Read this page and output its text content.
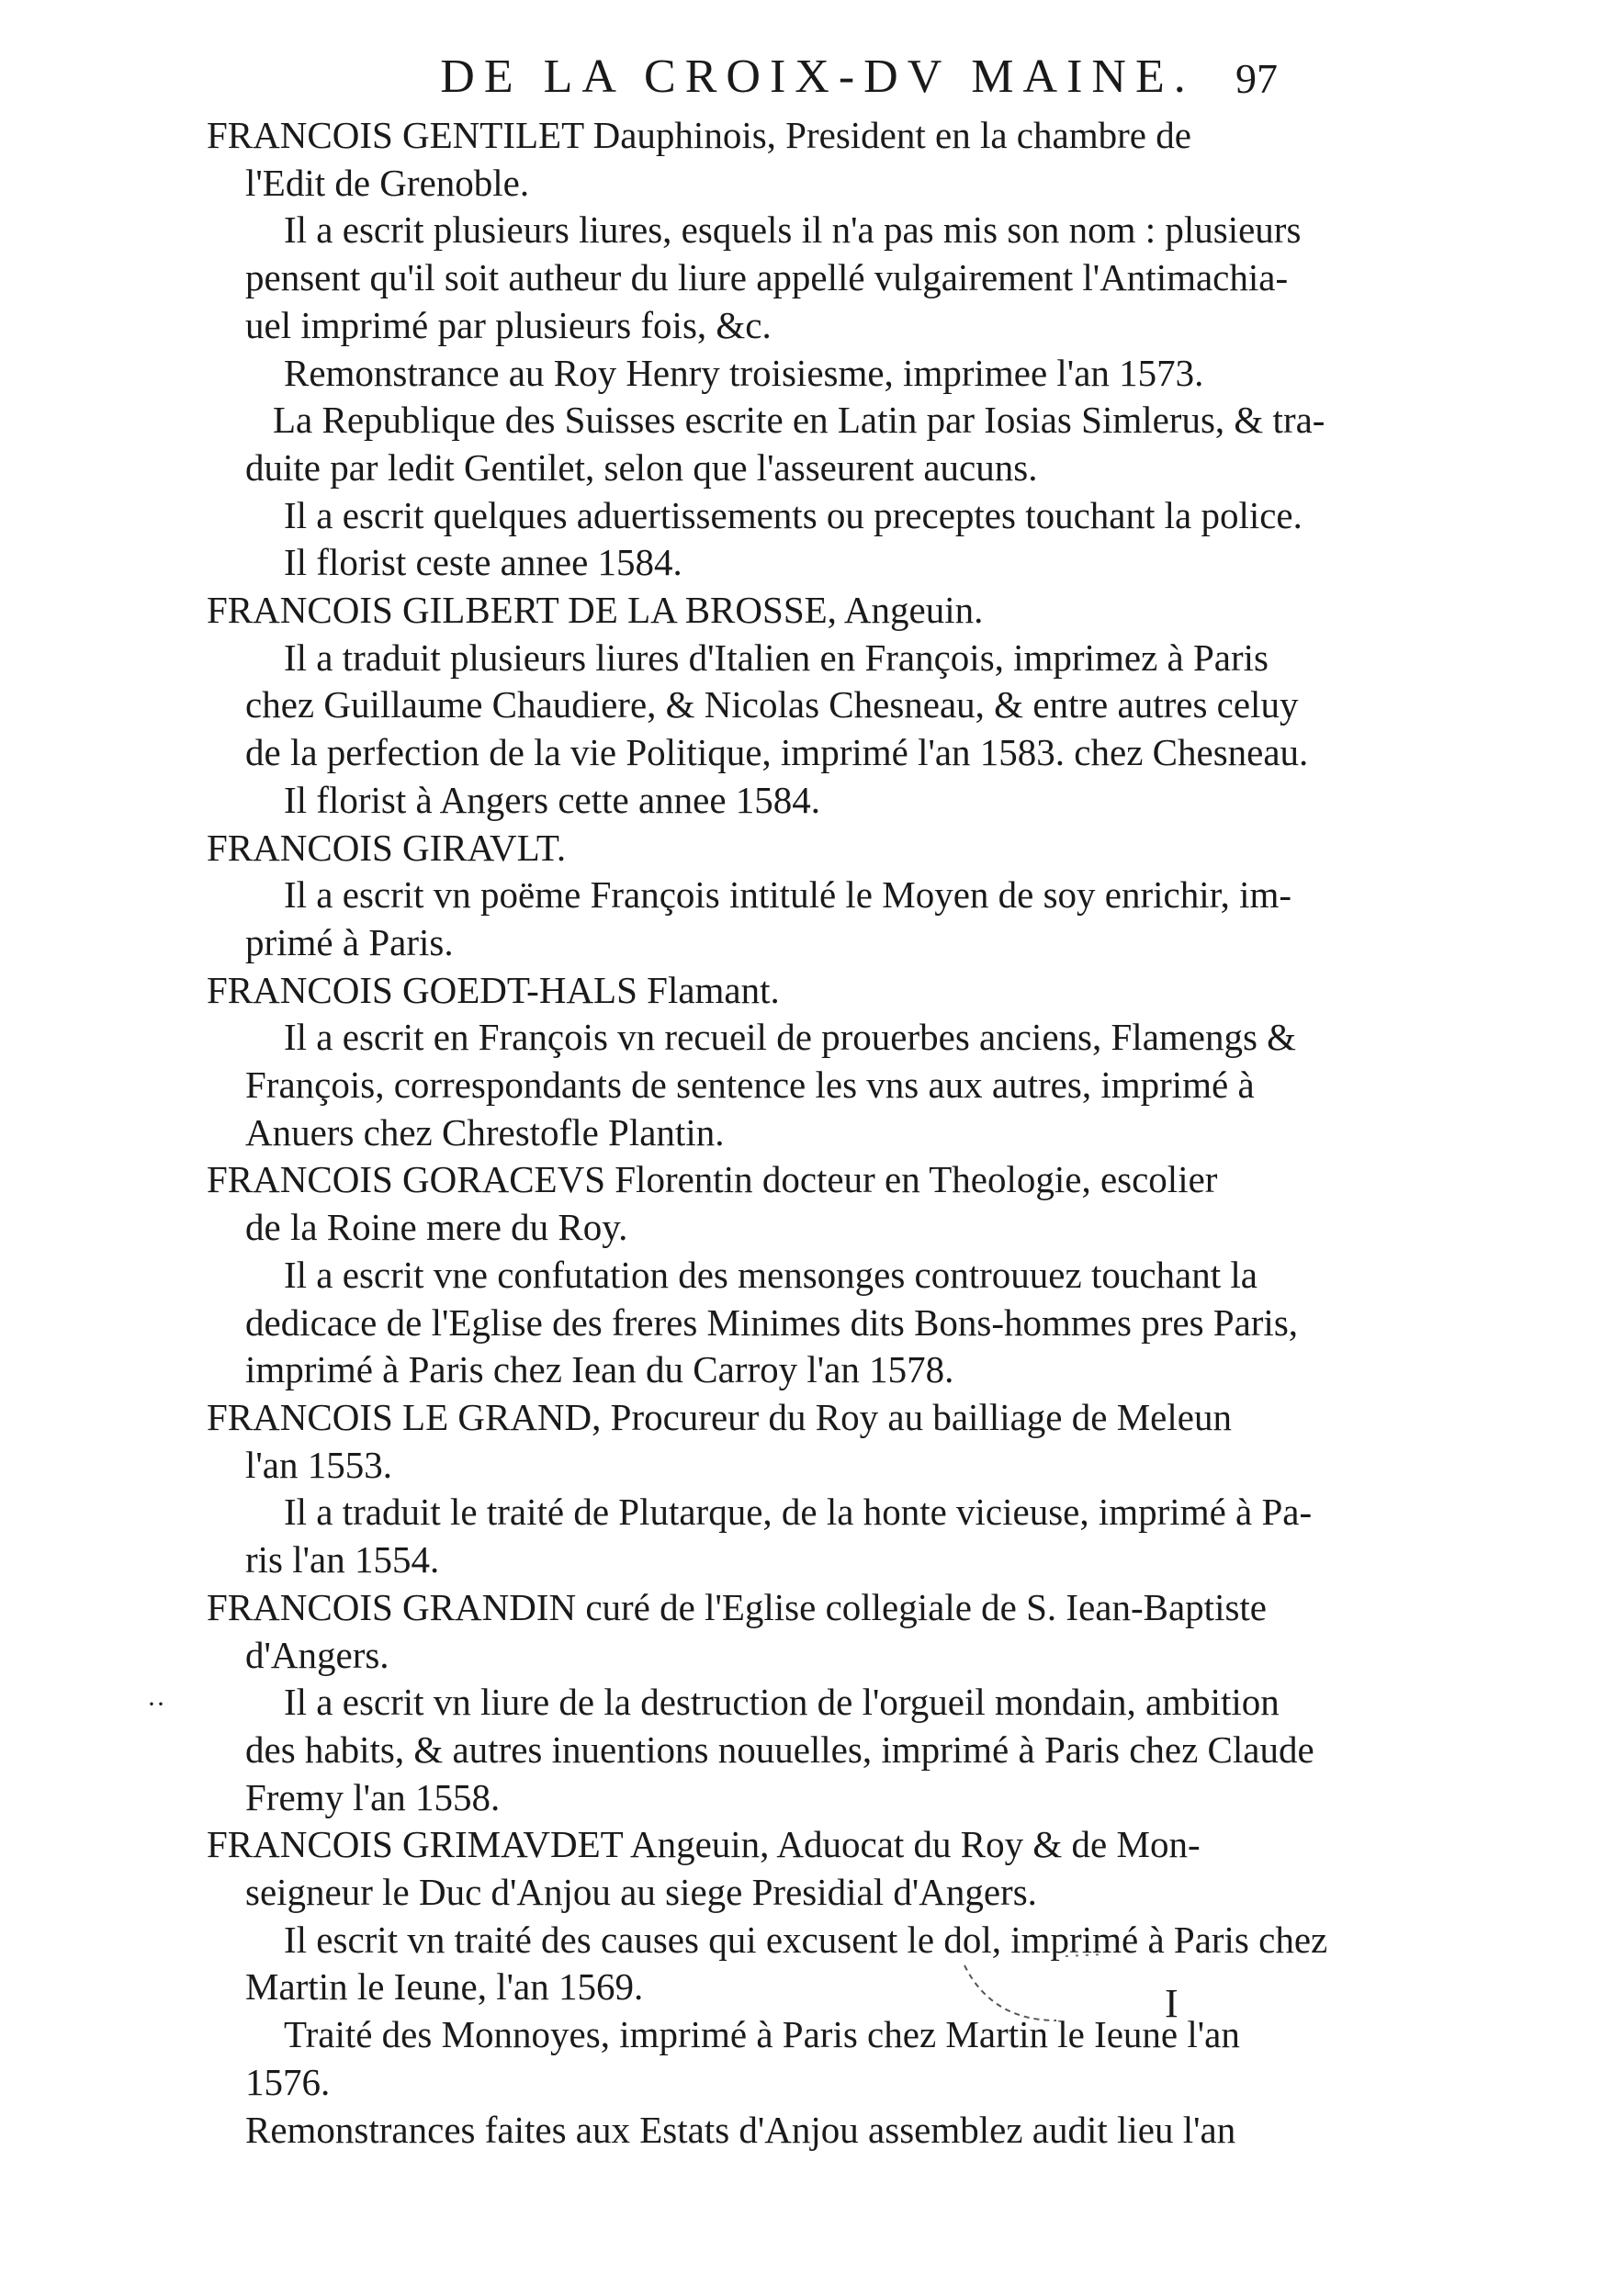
DE LA CROIX-DV MAINE. 97
FRANCOIS GENTILET Dauphinois, President en la chambre de
l'Edit de Grenoble.
Il a escrit plusieurs liures, esquels il n'a pas mis son nom : plusieurs
pensent qu'il soit autheur du liure appellé vulgairement l'Antimachia-
uel imprimé par plusieurs fois, &c.
Remonstrance au Roy Henry troisiesme, imprimee l'an 1573.
La Republique des Suisses escrite en Latin par Iosias Simlerus, & tra-
duite par ledit Gentilet, selon que l'asseurent aucuns.
Il a escrit quelques aduertissements ou preceptes touchant la police.
Il florist ceste annee 1584.
FRANCOIS GILBERT DE LA BROSSE, Angeuin.
Il a traduit plusieurs liures d'Italien en François, imprimez à Paris
chez Guillaume Chaudiere, & Nicolas Chesneau, & entre autres celuy
de la perfection de la vie Politique, imprimé l'an 1583. chez Chesneau.
Il florist à Angers cette annee 1584.
FRANCOIS GIRAVLT.
Il a escrit vn poëme François intitulé le Moyen de soy enrichir, im-
primé à Paris.
FRANCOIS GOEDT-HALS Flamant.
Il a escrit en François vn recueil de prouerbes anciens, Flamengs &
François, correspondants de sentence les vns aux autres, imprimé à
Anuers chez Chrestofle Plantin.
FRANCOIS GORACEVS Florentin docteur en Theologie, escolier
de la Roine mere du Roy.
Il a escrit vne confutation des mensonges controuuez touchant la
dedicace de l'Eglise des freres Minimes dits Bons-hommes pres Paris,
imprimé à Paris chez Iean du Carroy l'an 1578.
FRANCOIS LE GRAND, Procureur du Roy au bailliage de Meleun
l'an 1553.
Il a traduit le traité de Plutarque, de la honte vicieuse, imprimé à Pa-
ris l'an 1554.
FRANCOIS GRANDIN curé de l'Eglise collegiale de S. Iean-Baptiste
d'Angers.
Il a escrit vn liure de la destruction de l'orgueil mondain, ambition
des habits, & autres inuentions nouuelles, imprimé à Paris chez Claude
Fremy l'an 1558.
FRANCOIS GRIMAVDET Angeuin, Aduocat du Roy & de Mon-
seigneur le Duc d'Anjou au siege Presidial d'Angers.
Il escrit vn traité des causes qui excusent le dol, imprimé à Paris chez
Martin le Ieune, l'an 1569.
Traité des Monnoyes, imprimé à Paris chez Martin le Ieune l'an
1576.
Remonstrances faites aux Estats d'Anjou assemblez audit lieu l'an
··
I
